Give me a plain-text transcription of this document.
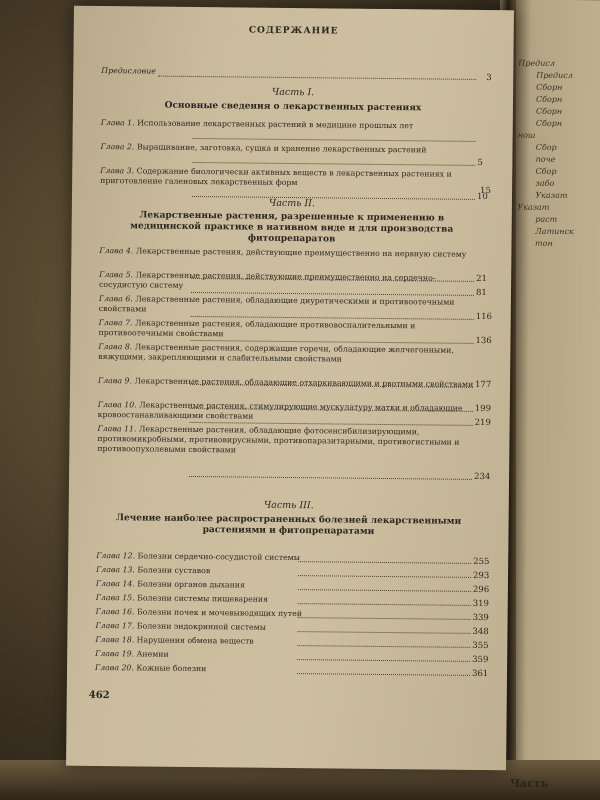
Предисл
Предисл
Сборн
Сборн
Сборн
Сборн
нош
Сбор
поче
Сбор
забо
Указат
Указат
раст
Латинск
тон
Часть
СОДЕРЖАНИЕ
Предисловие
3
Часть I.
Основные сведения о лекарственных растениях
Глава 1. Использование лекарственных растений в медицине прошлых лет
Глава 2. Выращивание, заготовка, сушка и хранение лекарственных растений
5
Глава 3. Содержание биологически активных веществ в лекарственных растениях и приготовление галеновых лекарственных форм
10
15
Часть II.
Лекарственные растения, разрешенные к применению в медицинской практике в нативном виде и для производства фитопрепаратов
Глава 4. Лекарственные растения, действующие преимущественно на нервную систему
21
Глава 5. Лекарственные растения, действующие преимущественно на сердечно-сосудистую систему
81
Глава 6. Лекарственные растения, обладающие диуретическими и противоотечными свойствами
116
Глава 7. Лекарственные растения, обладающие противовоспалительными и противоотечными свойствами
136
Глава 8. Лекарственные растения, содержащие горечи, обладающие желчегонными, вяжущими, закрепляющими и слабительными свойствами
177
Глава 9. Лекарственные растения, обладающие отхаркивающими и рвотными свойствами
199
Глава 10. Лекарственные растения, стимулирующие мускулатуру матки и обладающие кровоостанавливающими свойствами
219
Глава 11. Лекарственные растения, обладающие фотосенсибилизирующими, противомикробными, противовирусными, противопаразитарными, противогистными и противоопухолевыми свойствами
234
Часть III.
Лечение наиболее распространенных болезней лекарственными растениями и фитопрепаратами
Глава 12. Болезни сердечно-сосудистой системы	255
Глава 13. Болезни суставов
293
Глава 14. Болезни органов дыхания
296
Глава 15. Болезни системы пищеварения
319
Глава 16. Болезни почек и мочевыводящих путей	339
Глава 17. Болезни эндокринной системы
348
Глава 18. Нарушения обмена веществ
355
Глава 19. Анемии
359
Глава 20. Кожные болезни
361
462
